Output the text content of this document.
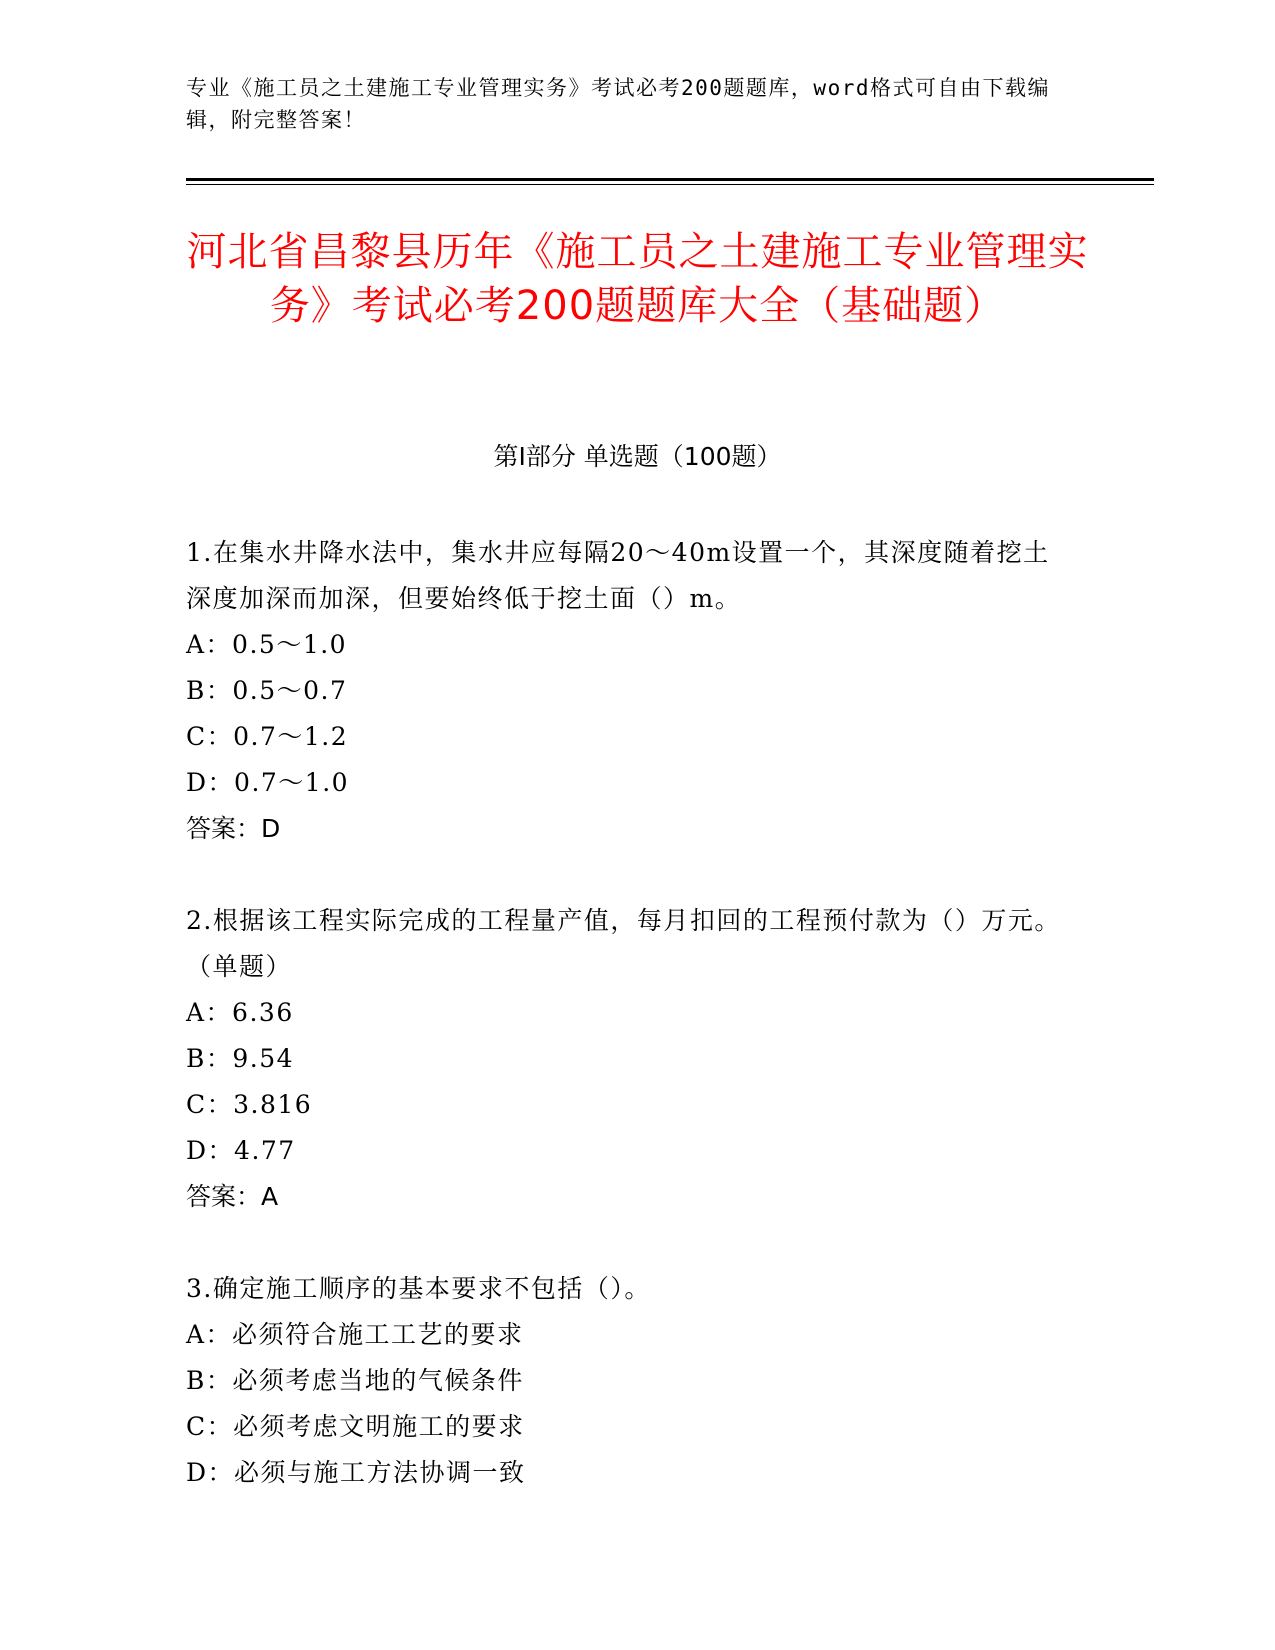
专业《施工员之土建施工专业管理实务》考试必考200题题库，word格式可自由下载编辑，附完整答案！
河北省昌黎县历年《施工员之土建施工专业管理实务》考试必考200题题库大全（基础题）
第Ⅰ部分 单选题（100题）
1.在集水井降水法中，集水井应每隔20～40m设置一个，其深度随着挖土深度加深而加深，但要始终低于挖土面（）m。
A：0.5～1.0
B：0.5～0.7
C：0.7～1.2
D：0.7～1.0
答案：D
2.根据该工程实际完成的工程量产值，每月扣回的工程预付款为（）万元。（单题）
A：6.36
B：9.54
C：3.816
D：4.77
答案：A
3.确定施工顺序的基本要求不包括（）。
A：必须符合施工工艺的要求
B：必须考虑当地的气候条件
C：必须考虑文明施工的要求
D：必须与施工方法协调一致
